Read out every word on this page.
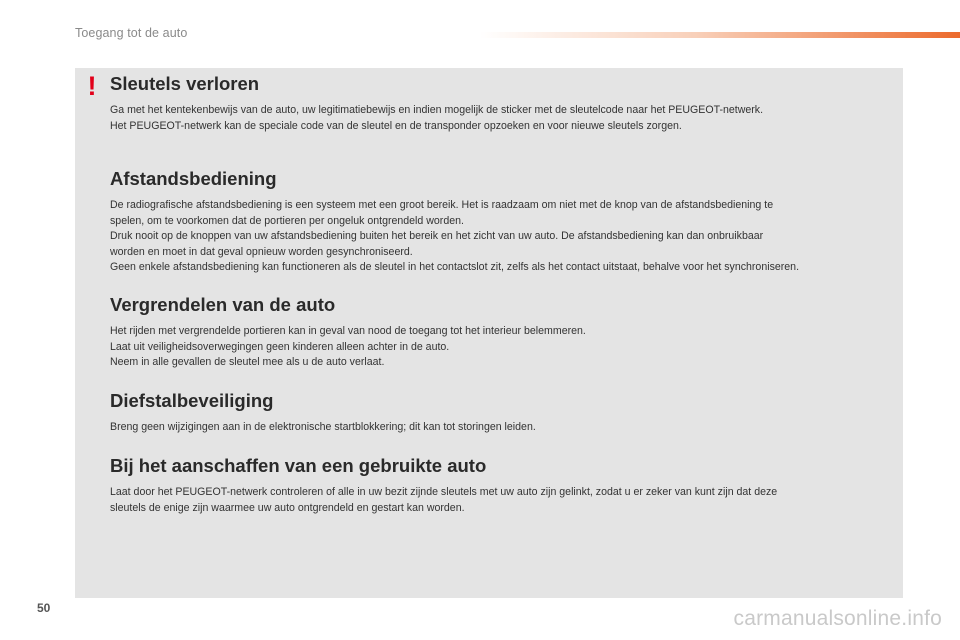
Toegang tot de auto
! Sleutels verloren

Ga met het kentekenbewijs van de auto, uw legitimatiebewijs en indien mogelijk de sticker met de sleutelcode naar het PEUGEOT-netwerk.
Het PEUGEOT-netwerk kan de speciale code van de sleutel en de transponder opzoeken en voor nieuwe sleutels zorgen.

Afstandsbediening

De radiografische afstandsbediening is een systeem met een groot bereik. Het is raadzaam om niet met de knop van de afstandsbediening te
spelen, om te voorkomen dat de portieren per ongeluk ontgrendeld worden.
Druk nooit op de knoppen van uw afstandsbediening buiten het bereik en het zicht van uw auto. De afstandsbediening kan dan onbruikbaar
worden en moet in dat geval opnieuw worden gesynchroniseerd.
Geen enkele afstandsbediening kan functioneren als de sleutel in het contactslot zit, zelfs als het contact uitstaat, behalve voor het synchroniseren.

Vergrendelen van de auto

Het rijden met vergrendelde portieren kan in geval van nood de toegang tot het interieur belemmeren.
Laat uit veiligheidsoverwegingen geen kinderen alleen achter in de auto.
Neem in alle gevallen de sleutel mee als u de auto verlaat.

Diefstalbeveiliging

Breng geen wijzigingen aan in de elektronische startblokkering; dit kan tot storingen leiden.

Bij het aanschaffen van een gebruikte auto

Laat door het PEUGEOT-netwerk controleren of alle in uw bezit zijnde sleutels met uw auto zijn gelinkt, zodat u er zeker van kunt zijn dat deze
sleutels de enige zijn waarmee uw auto ontgrendeld en gestart kan worden.

50	carmanualsonline.info
